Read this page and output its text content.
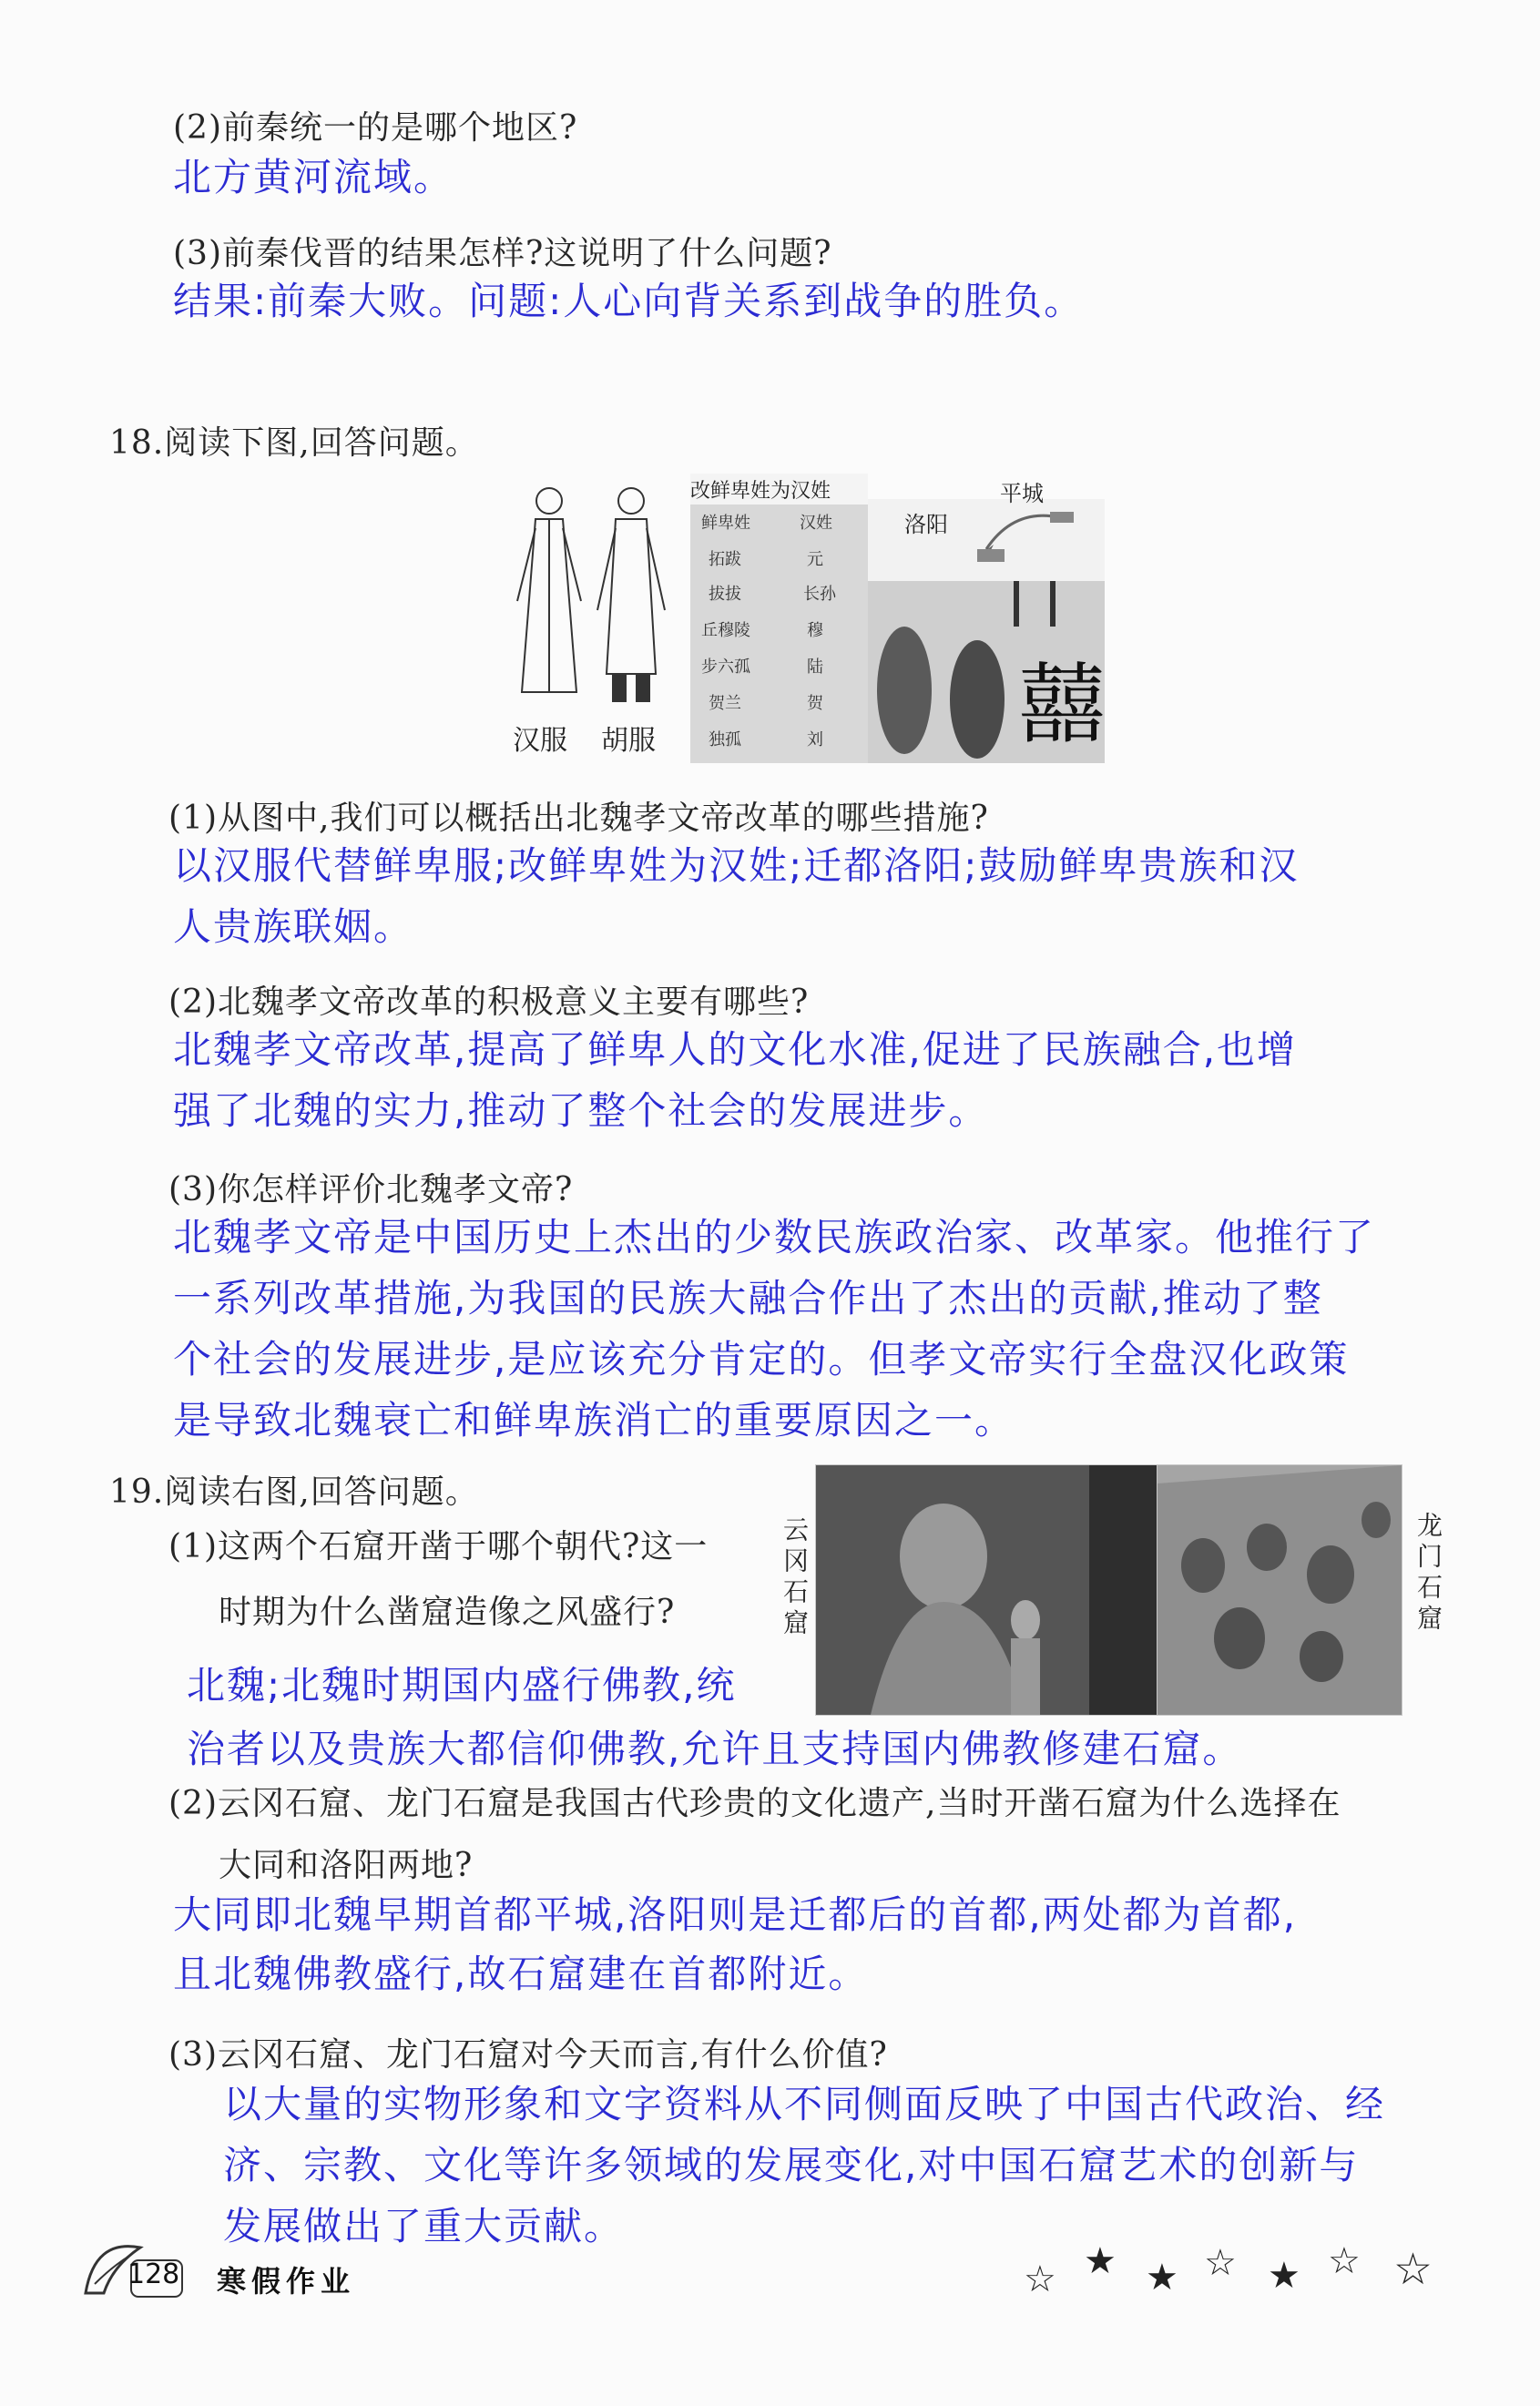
(2)前秦统一的是哪个地区?
北方黄河流域。
(3)前秦伐晋的结果怎样?这说明了什么问题?
结果:前秦大败。问题:人心向背关系到战争的胜负。
18.阅读下图,回答问题。
汉服 胡服
改鲜卑姓为汉姓
鲜卑姓	汉姓
拓跋	元
拔拔	长孙
丘穆陵	穆
步六孤	陆
贺兰	贺
独孤	刘
平城
洛阳
囍
(1)从图中,我们可以概括出北魏孝文帝改革的哪些措施?
以汉服代替鲜卑服;改鲜卑姓为汉姓;迁都洛阳;鼓励鲜卑贵族和汉
人贵族联姻。
(2)北魏孝文帝改革的积极意义主要有哪些?
北魏孝文帝改革,提高了鲜卑人的文化水准,促进了民族融合,也增
强了北魏的实力,推动了整个社会的发展进步。
(3)你怎样评价北魏孝文帝?
北魏孝文帝是中国历史上杰出的少数民族政治家、改革家。他推行了
一系列改革措施,为我国的民族大融合作出了杰出的贡献,推动了整
个社会的发展进步,是应该充分肯定的。但孝文帝实行全盘汉化政策
是导致北魏衰亡和鲜卑族消亡的重要原因之一。
19.阅读右图,回答问题。
云冈石窟	龙门石窟
(1)这两个石窟开凿于哪个朝代?这一
时期为什么凿窟造像之风盛行?
北魏;北魏时期国内盛行佛教,统
治者以及贵族大都信仰佛教,允许且支持国内佛教修建石窟。
(2)云冈石窟、龙门石窟是我国古代珍贵的文化遗产,当时开凿石窟为什么选择在
大同和洛阳两地?
大同即北魏早期首都平城,洛阳则是迁都后的首都,两处都为首都,
且北魏佛教盛行,故石窟建在首都附近。
(3)云冈石窟、龙门石窟对今天而言,有什么价值?
以大量的实物形象和文字资料从不同侧面反映了中国古代政治、经
济、宗教、文化等许多领域的发展变化,对中国石窟艺术的创新与
发展做出了重大贡献。
128 寒假作业	☆ ★ ★ ☆ ★ ☆ ☆
